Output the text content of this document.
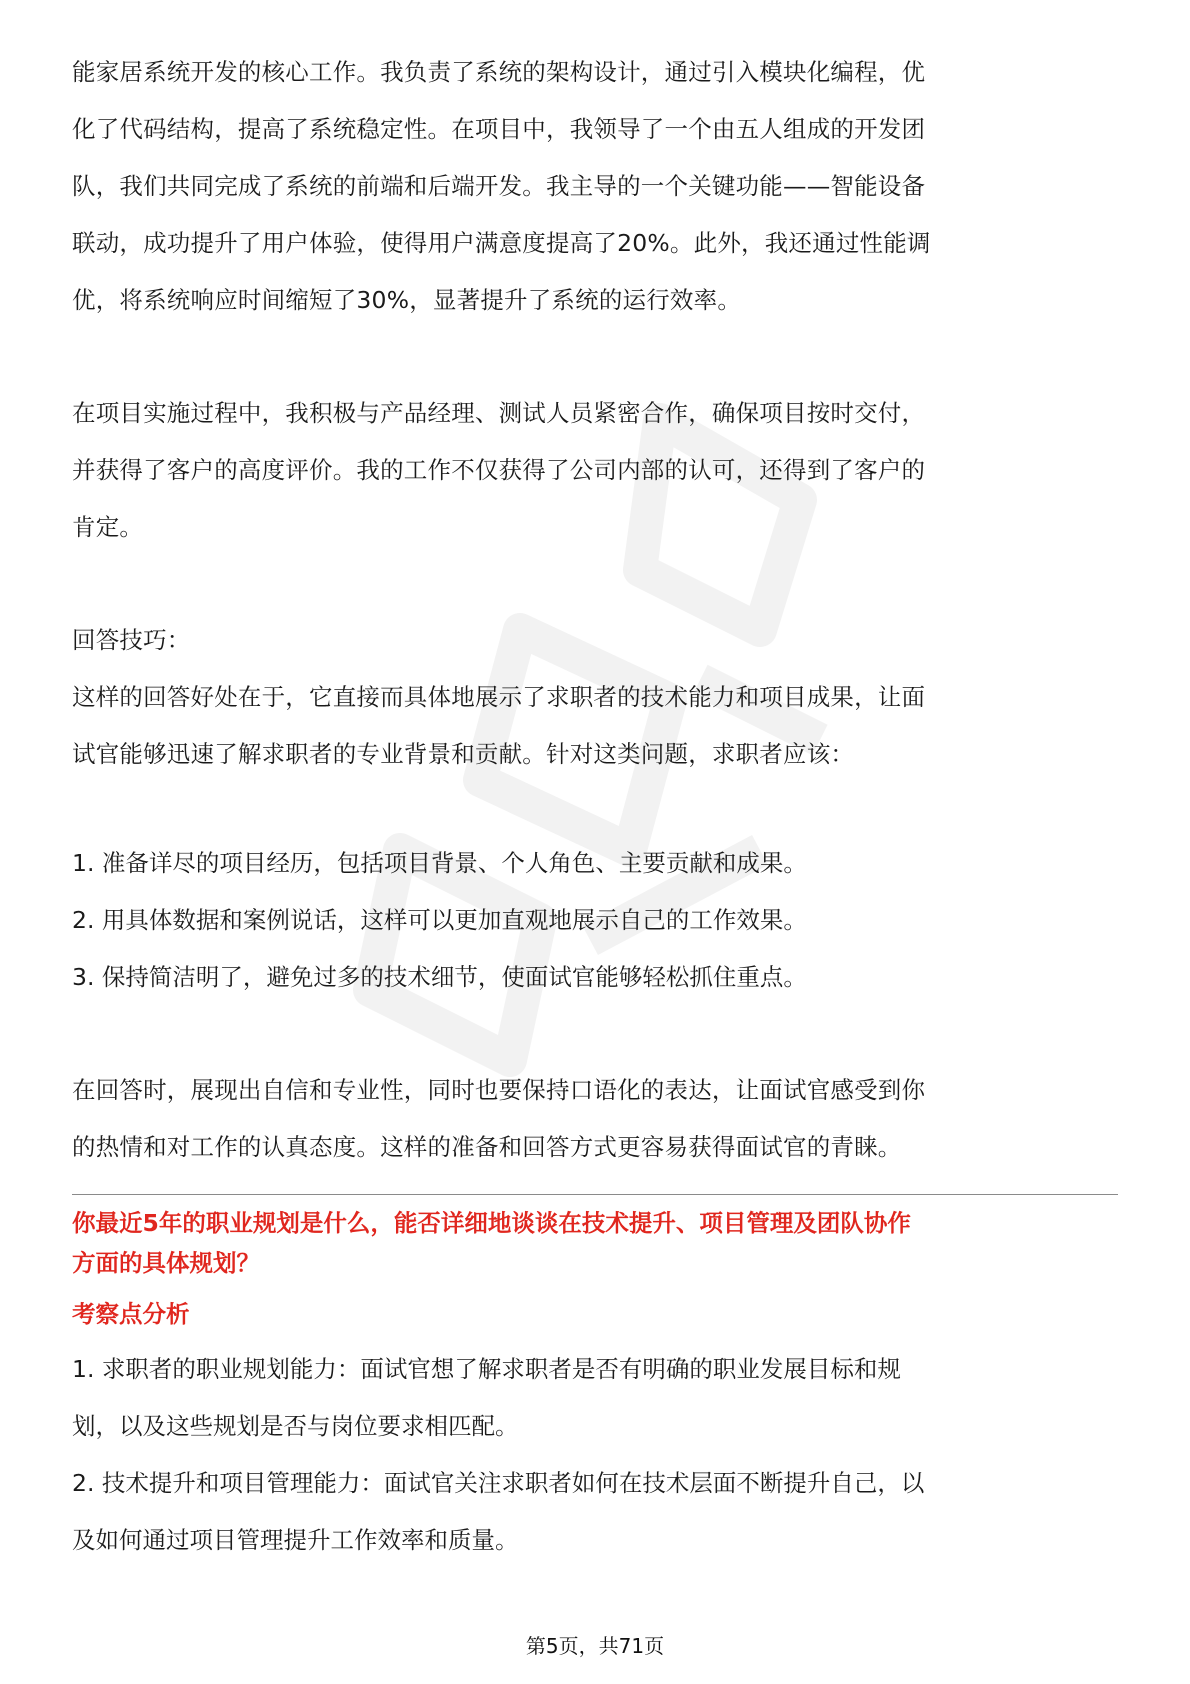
能家居系统开发的核心工作。我负责了系统的架构设计，通过引入模块化编程，优

化了代码结构，提高了系统稳定性。在项目中，我领导了一个由五人组成的开发团

队，我们共同完成了系统的前端和后端开发。我主导的一个关键功能——智能设备

联动，成功提升了用户体验，使得用户满意度提高了20%。此外，我还通过性能调

优，将系统响应时间缩短了30%，显著提升了系统的运行效率。

在项目实施过程中，我积极与产品经理、测试人员紧密合作，确保项目按时交付，

并获得了客户的高度评价。我的工作不仅获得了公司内部的认可，还得到了客户的

肯定。

回答技巧：

这样的回答好处在于，它直接而具体地展示了求职者的技术能力和项目成果，让面

试官能够迅速了解求职者的专业背景和贡献。针对这类问题，求职者应该：

1. 准备详尽的项目经历，包括项目背景、个人角色、主要贡献和成果。

2. 用具体数据和案例说话，这样可以更加直观地展示自己的工作效果。

3. 保持简洁明了，避免过多的技术细节，使面试官能够轻松抓住重点。

在回答时，展现出自信和专业性，同时也要保持口语化的表达，让面试官感受到你

的热情和对工作的认真态度。这样的准备和回答方式更容易获得面试官的青睐。

你最近5年的职业规划是什么，能否详细地谈谈在技术提升、项目管理及团队协作

方面的具体规划？

考察点分析

1. 求职者的职业规划能力：面试官想了解求职者是否有明确的职业发展目标和规

划，以及这些规划是否与岗位要求相匹配。

2. 技术提升和项目管理能力：面试官关注求职者如何在技术层面不断提升自己，以

及如何通过项目管理提升工作效率和质量。

第5页，共71页
